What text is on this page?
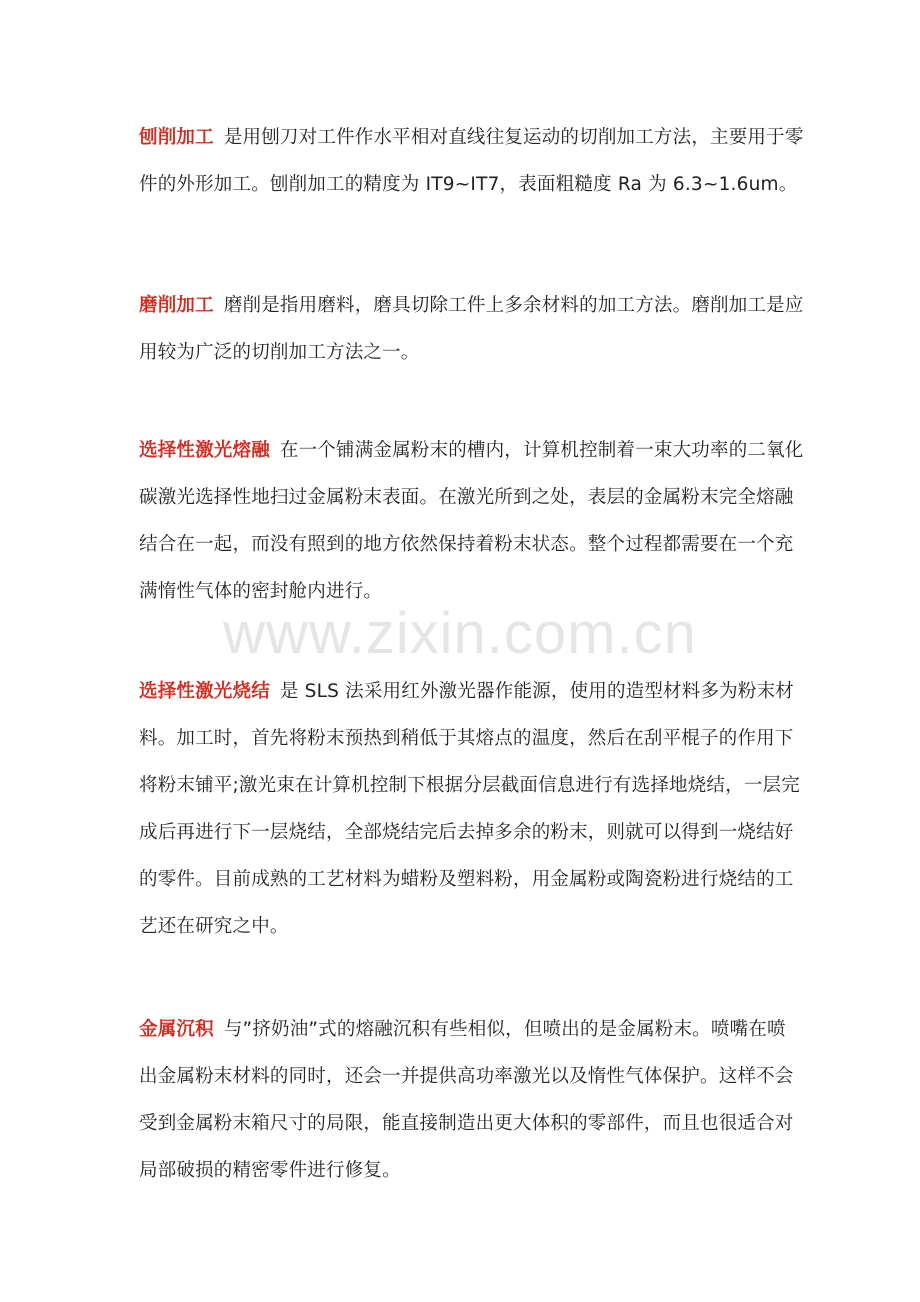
刨削加工 是用刨刀对工件作水平相对直线往复运动的切削加工方法，主要用于零件的外形加工。刨削加工的精度为 IT9~IT7，表面粗糙度 Ra 为 6.3~1.6um。

磨削加工 磨削是指用磨料，磨具切除工件上多余材料的加工方法。磨削加工是应用较为广泛的切削加工方法之一。

选择性激光熔融 在一个铺满金属粉末的槽内，计算机控制着一束大功率的二氧化碳激光选择性地扫过金属粉末表面。在激光所到之处，表层的金属粉末完全熔融结合在一起，而没有照到的地方依然保持着粉末状态。整个过程都需要在一个充满惰性气体的密封舱内进行。

选择性激光烧结 是 SLS 法采用红外激光器作能源，使用的造型材料多为粉末材料。加工时，首先将粉末预热到稍低于其熔点的温度，然后在刮平棍子的作用下将粉末铺平;激光束在计算机控制下根据分层截面信息进行有选择地烧结，一层完成后再进行下一层烧结，全部烧结完后去掉多余的粉末，则就可以得到一烧结好的零件。目前成熟的工艺材料为蜡粉及塑料粉，用金属粉或陶瓷粉进行烧结的工艺还在研究之中。

金属沉积 与”挤奶油”式的熔融沉积有些相似，但喷出的是金属粉末。喷嘴在喷出金属粉末材料的同时，还会一并提供高功率激光以及惰性气体保护。这样不会受到金属粉末箱尺寸的局限，能直接制造出更大体积的零部件，而且也很适合对局部破损的精密零件进行修复。

www.zixin.com.cn
